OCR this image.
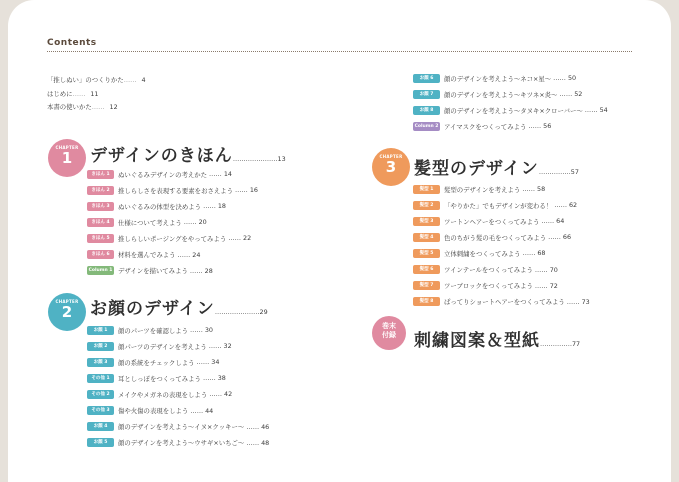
Contents
「推しぬい」のつくりかた…… 4
はじめに…… 11
本書の使いかた…… 12
CHAPTER
1	デザインのきほん…………………13
きほん 1	ぬいぐるみデザインの考えかた …… 14
きほん 2	推しらしさを表現する要素をおさえよう …… 16
きほん 3	ぬいぐるみの体型を決めよう …… 18
きほん 4	仕様について考えよう …… 20
きほん 5	推しらしいポージングをやってみよう …… 22
きほん 6	材料を選んでみよう …… 24
Column 1 デザインを描いてみよう …… 28
CHAPTER
2	お顔のデザイン…………………29
お顔 1	顔のパーツを確認しよう …… 30
お顔 2	顔パーツのデザインを考えよう …… 32
お顔 3	顔の系統をチェックしよう …… 34
その他 1	耳としっぽをつくってみよう …… 38
その他 2	メイクやメガネの表現をしよう …… 42
その他 3	傷や火傷の表現をしよう …… 44
お顔 4	顔のデザインを考えよう～イヌ×クッキー～ …… 46
お顔 5	顔のデザインを考えよう～ウサギ×いちご～ …… 48
お顔 6	顔のデザインを考えよう～ネコ×星～ …… 50
お顔 7	顔のデザインを考えよう～キツネ×炎～ …… 52
お顔 8	顔のデザインを考えよう～タヌキ×クローバー～ …… 54
Column 2 アイマスクをつくってみよう …… 56
CHAPTER
3	髪型のデザイン……………57
髪型 1	髪型のデザインを考えよう …… 58
髪型 2	「やりかた」でもデザインが変わる！ …… 62
髪型 3	ツートンヘアーをつくってみよう …… 64
髪型 4	色のちがう髪の毛をつくってみよう …… 66
髪型 5	立体刺繍をつくってみよう …… 68
髪型 6	ツインテールをつくってみよう …… 70
髪型 7	ツーブロックをつくってみよう …… 72
髪型 8	ぱってりショートヘアーをつくってみよう …… 73
巻末
付録	刺繍図案＆型紙……………77
